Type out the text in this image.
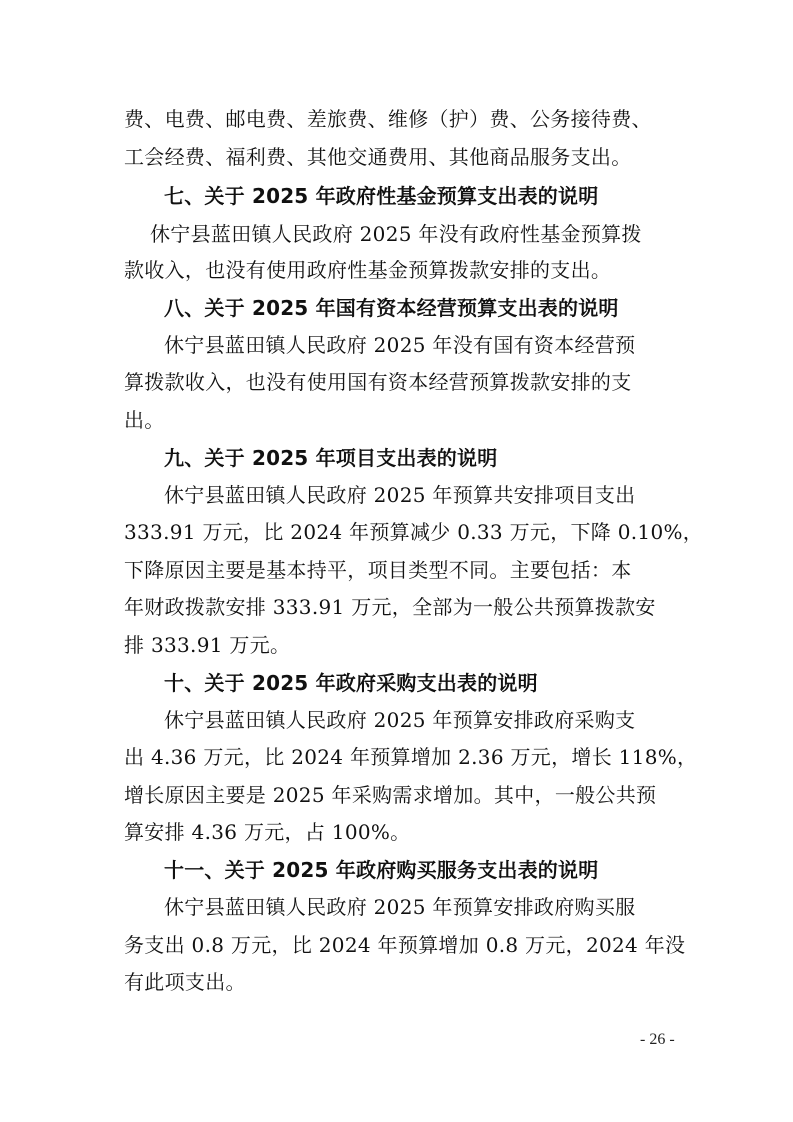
费、电费、邮电费、差旅费、维修（护）费、公务接待费、
工会经费、福利费、其他交通费用、其他商品服务支出。
七、关于 2025 年政府性基金预算支出表的说明
休宁县蓝田镇人民政府 2025 年没有政府性基金预算拨
款收入，也没有使用政府性基金预算拨款安排的支出。
八、关于 2025 年国有资本经营预算支出表的说明
休宁县蓝田镇人民政府 2025 年没有国有资本经营预
算拨款收入，也没有使用国有资本经营预算拨款安排的支
出。
九、关于 2025 年项目支出表的说明
休宁县蓝田镇人民政府 2025 年预算共安排项目支出
333.91 万元，比 2024 年预算减少 0.33 万元，下降 0.10%，
下降原因主要是基本持平，项目类型不同。主要包括：本
年财政拨款安排 333.91 万元，全部为一般公共预算拨款安
排 333.91 万元。
十、关于 2025 年政府采购支出表的说明
休宁县蓝田镇人民政府 2025 年预算安排政府采购支
出 4.36 万元，比 2024 年预算增加 2.36 万元，增长 118%，
增长原因主要是 2025 年采购需求增加。其中，一般公共预
算安排 4.36 万元，占 100%。
十一、关于 2025 年政府购买服务支出表的说明
休宁县蓝田镇人民政府 2025 年预算安排政府购买服
务支出 0.8 万元，比 2024 年预算增加 0.8 万元，2024 年没
有此项支出。
- 26 -
